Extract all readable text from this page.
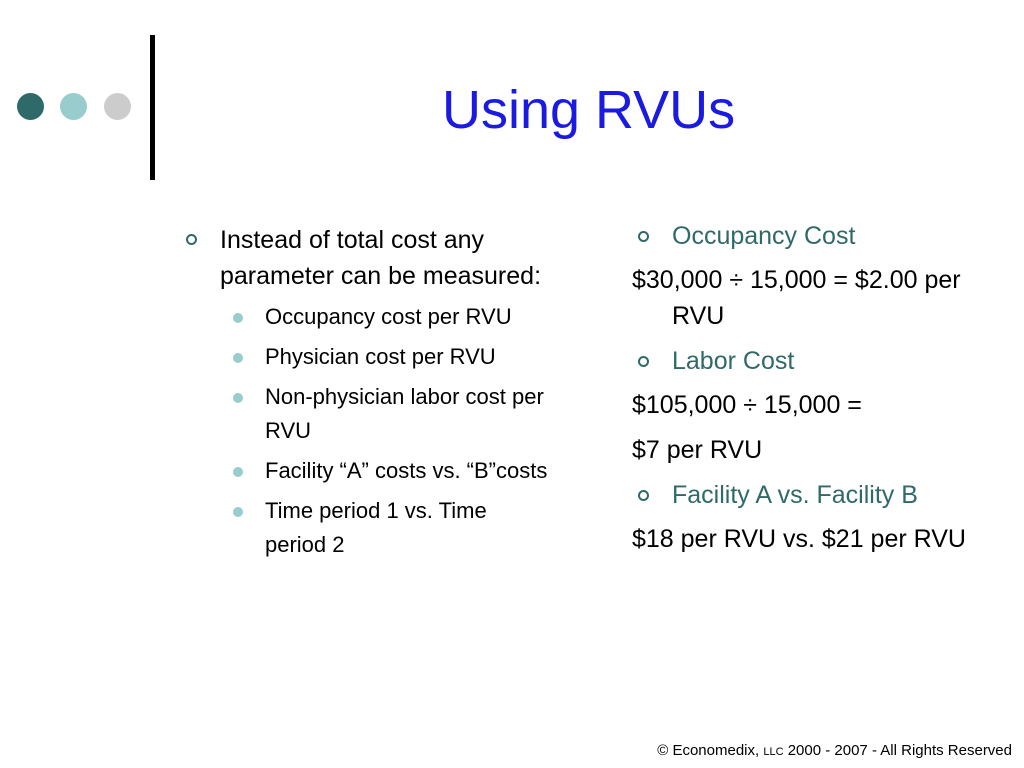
Using RVUs
Instead of total cost any parameter can be measured:
Occupancy cost per RVU
Physician cost per RVU
Non-physician labor cost per RVU
Facility “A” costs vs. “B”costs
Time period 1 vs. Time period 2
Occupancy Cost
$30,000 ÷ 15,000 = $2.00 per RVU
Labor Cost
$105,000 ÷ 15,000 =
$7 per RVU
Facility A vs. Facility B
$18 per RVU vs. $21 per RVU
© Economedix, LLC 2000 - 2007 - All Rights Reserved
